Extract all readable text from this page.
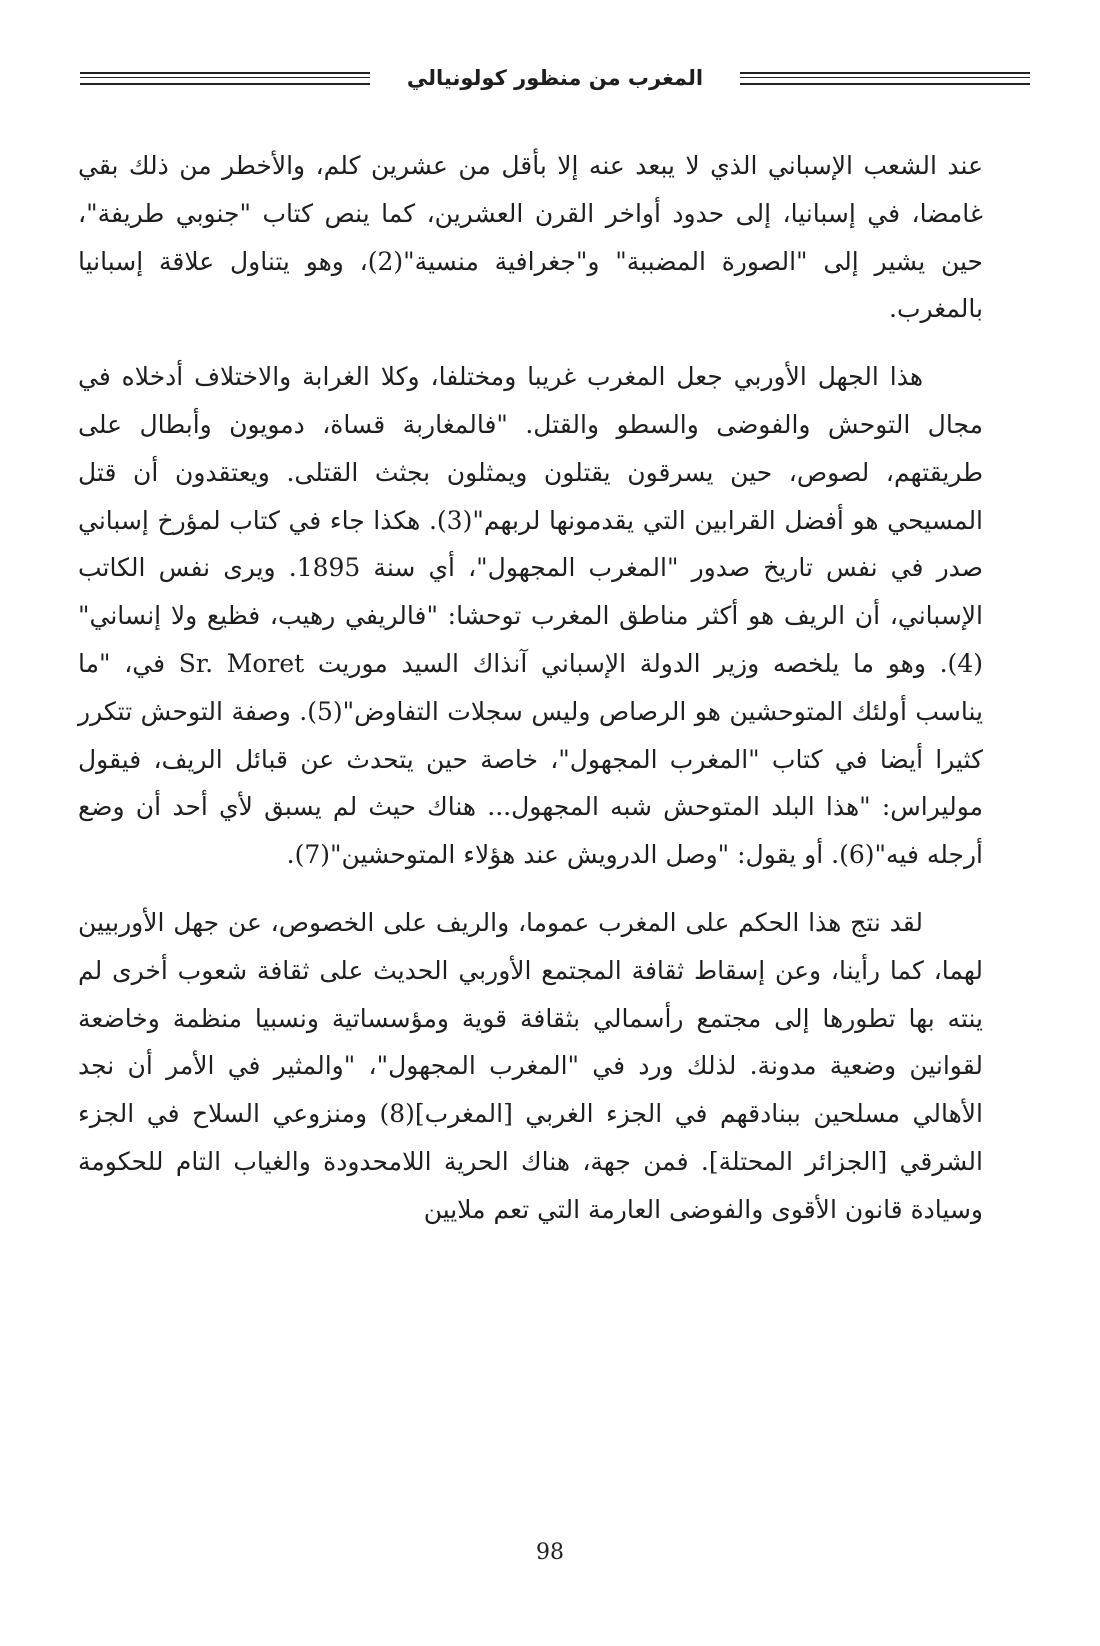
المغرب من منظور كولونيالي

عند الشعب الإسباني الذي لا يبعد عنه إلا بأقل من عشرين كلم، والأخطر من ذلك بقي غامضا، في إسبانيا، إلى حدود أواخر القرن العشرين، كما ينص كتاب "جنوبي طريفة"، حين يشير إلى "الصورة المضببة" و"جغرافية منسية"(2)، وهو يتناول علاقة إسبانيا بالمغرب.

هذا الجهل الأوربي جعل المغرب غريبا ومختلفا، وكلا الغرابة والاختلاف أدخلاه في مجال التوحش والفوضى والسطو والقتل. "فالمغاربة قساة، دمويون وأبطال على طريقتهم، لصوص، حين يسرقون يقتلون ويمثلون بجثث القتلى. ويعتقدون أن قتل المسيحي هو أفضل القرابين التي يقدمونها لربهم"(3). هكذا جاء في كتاب لمؤرخ إسباني صدر في نفس تاريخ صدور "المغرب المجهول"، أي سنة 1895. ويرى نفس الكاتب الإسباني، أن الريف هو أكثر مناطق المغرب توحشا: "فالريفي رهيب، فظيع ولا إنساني"(4). وهو ما يلخصه وزير الدولة الإسباني آنذاك السيد موريت Sr. Moret في، "ما يناسب أولئك المتوحشين هو الرصاص وليس سجلات التفاوض"(5). وصفة التوحش تتكرر كثيرا أيضا في كتاب "المغرب المجهول"، خاصة حين يتحدث عن قبائل الريف، فيقول موليراس: "هذا البلد المتوحش شبه المجهول... هناك حيث لم يسبق لأي أحد أن وضع أرجله فيه"(6). أو يقول: "وصل الدرويش عند هؤلاء المتوحشين"(7).

لقد نتج هذا الحكم على المغرب عموما، والريف على الخصوص، عن جهل الأوربيين لهما، كما رأينا، وعن إسقاط ثقافة المجتمع الأوربي الحديث على ثقافة شعوب أخرى لم ينته بها تطورها إلى مجتمع رأسمالي بثقافة قوية ومؤسساتية ونسبيا منظمة وخاضعة لقوانين وضعية مدونة. لذلك ورد في "المغرب المجهول"، "والمثير في الأمر أن نجد الأهالي مسلحين ببنادقهم في الجزء الغربي [المغرب](8) ومنزوعي السلاح في الجزء الشرقي [الجزائر المحتلة]. فمن جهة، هناك الحرية اللامحدودة والغياب التام للحكومة وسيادة قانون الأقوى والفوضى العارمة التي تعم ملايين

98
